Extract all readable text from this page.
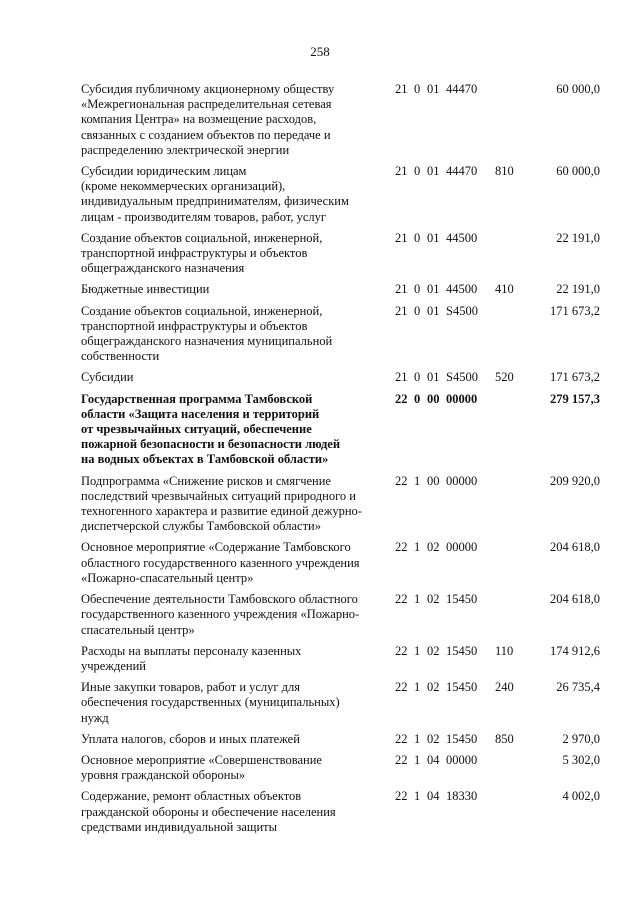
258
Субсидия публичному акционерному обществу
«Межрегиональная распределительная сетевая
компания Центра» на возмещение расходов,
связанных с созданием объектов по передаче и
распределению электрической энергии
21 0 01 44470	60 000,0
Субсидии юридическим лицам
(кроме некоммерческих организаций),
индивидуальным предпринимателям, физическим
лицам - производителям товаров, работ, услуг
21 0 01 44470 810	60 000,0
Создание объектов социальной, инженерной,
транспортной инфраструктуры и объектов
общегражданского назначения
21 0 01 44500	22 191,0
Бюджетные инвестиции	21 0 01 44500 410	22 191,0
Создание объектов социальной, инженерной,
транспортной инфраструктуры и объектов
общегражданского назначения муниципальной
собственности
21 0 01 S4500	171 673,2
Субсидии	21 0 01 S4500 520	171 673,2
Государственная программа Тамбовской
области «Защита населения и территорий
от чрезвычайных ситуаций, обеспечение
пожарной безопасности и безопасности людей
на водных объектах в Тамбовской области»
22 0 00 00000	279 157,3
Подпрограмма «Снижение рисков и смягчение
последствий чрезвычайных ситуаций природного и
техногенного характера и развитие единой дежурно-
диспетчерской службы Тамбовской области»
22 1 00 00000	209 920,0
Основное мероприятие «Содержание Тамбовского
областного государственного казенного учреждения
«Пожарно-спасательный центр»
22 1 02 00000	204 618,0
Обеспечение деятельности Тамбовского областного
государственного казенного учреждения «Пожарно-
спасательный центр»
22 1 02 15450	204 618,0
Расходы на выплаты персоналу казенных
учреждений
22 1 02 15450 110	174 912,6
Иные закупки товаров, работ и услуг для
обеспечения государственных (муниципальных)
нужд
22 1 02 15450 240	26 735,4
Уплата налогов, сборов и иных платежей	22 1 02 15450 850	2 970,0
Основное мероприятие «Совершенствование
уровня гражданской обороны»
22 1 04 00000	5 302,0
Содержание, ремонт областных объектов
гражданской обороны и обеспечение населения
средствами индивидуальной защиты
22 1 04 18330	4 002,0
